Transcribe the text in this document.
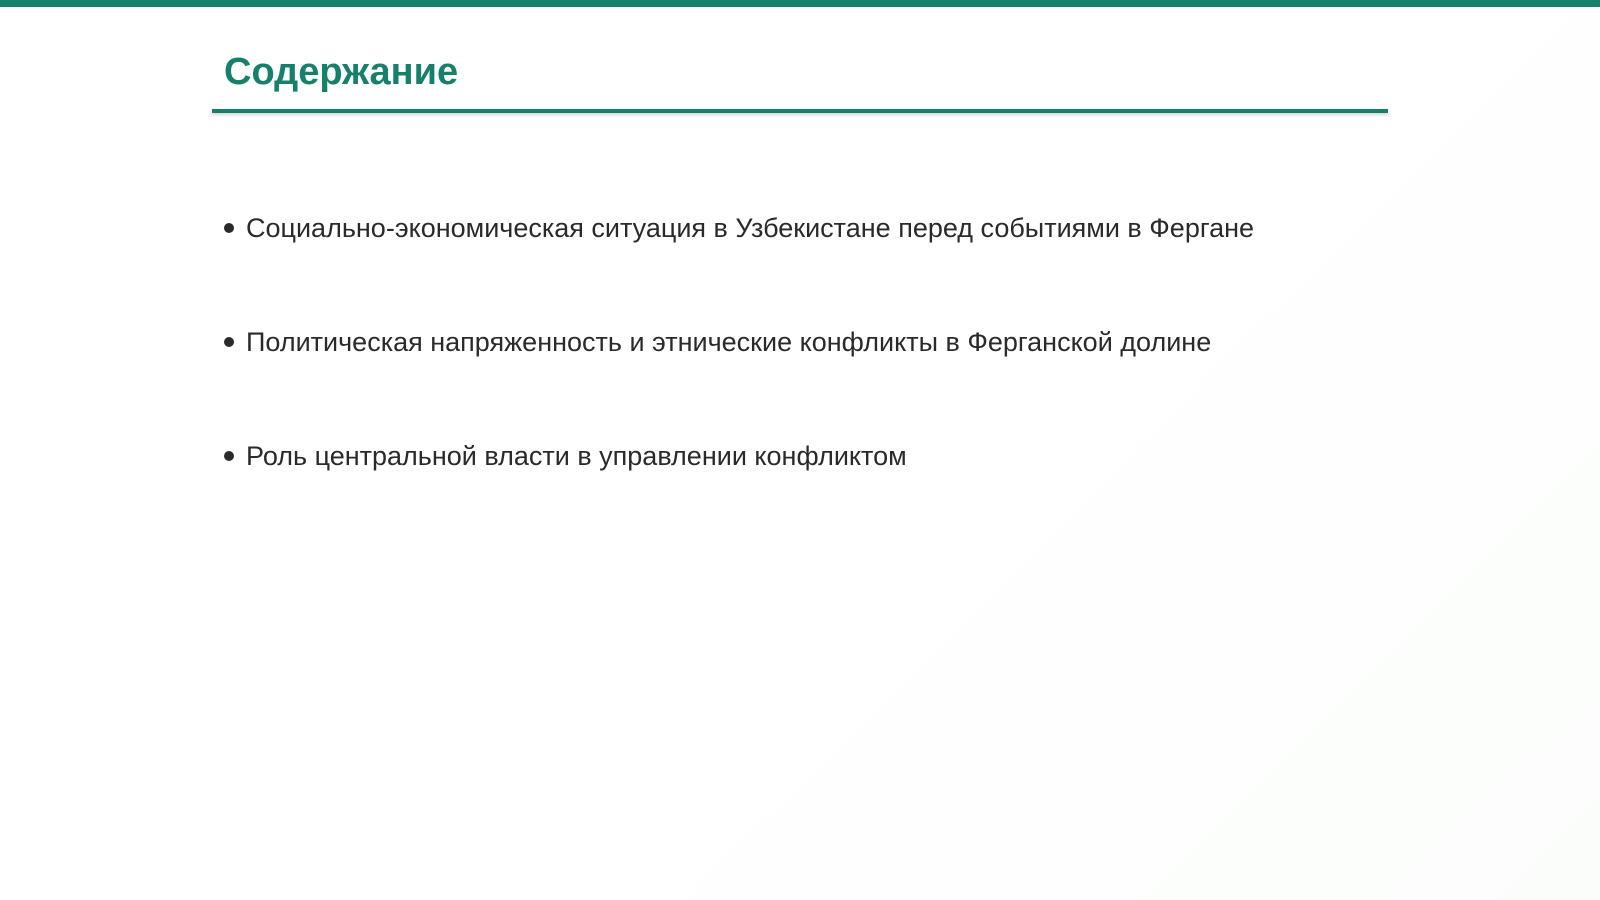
Содержание
Социально-экономическая ситуация в Узбекистане перед событиями в Фергане
Политическая напряженность и этнические конфликты в Ферганской долине
Роль центральной власти в управлении конфликтом
